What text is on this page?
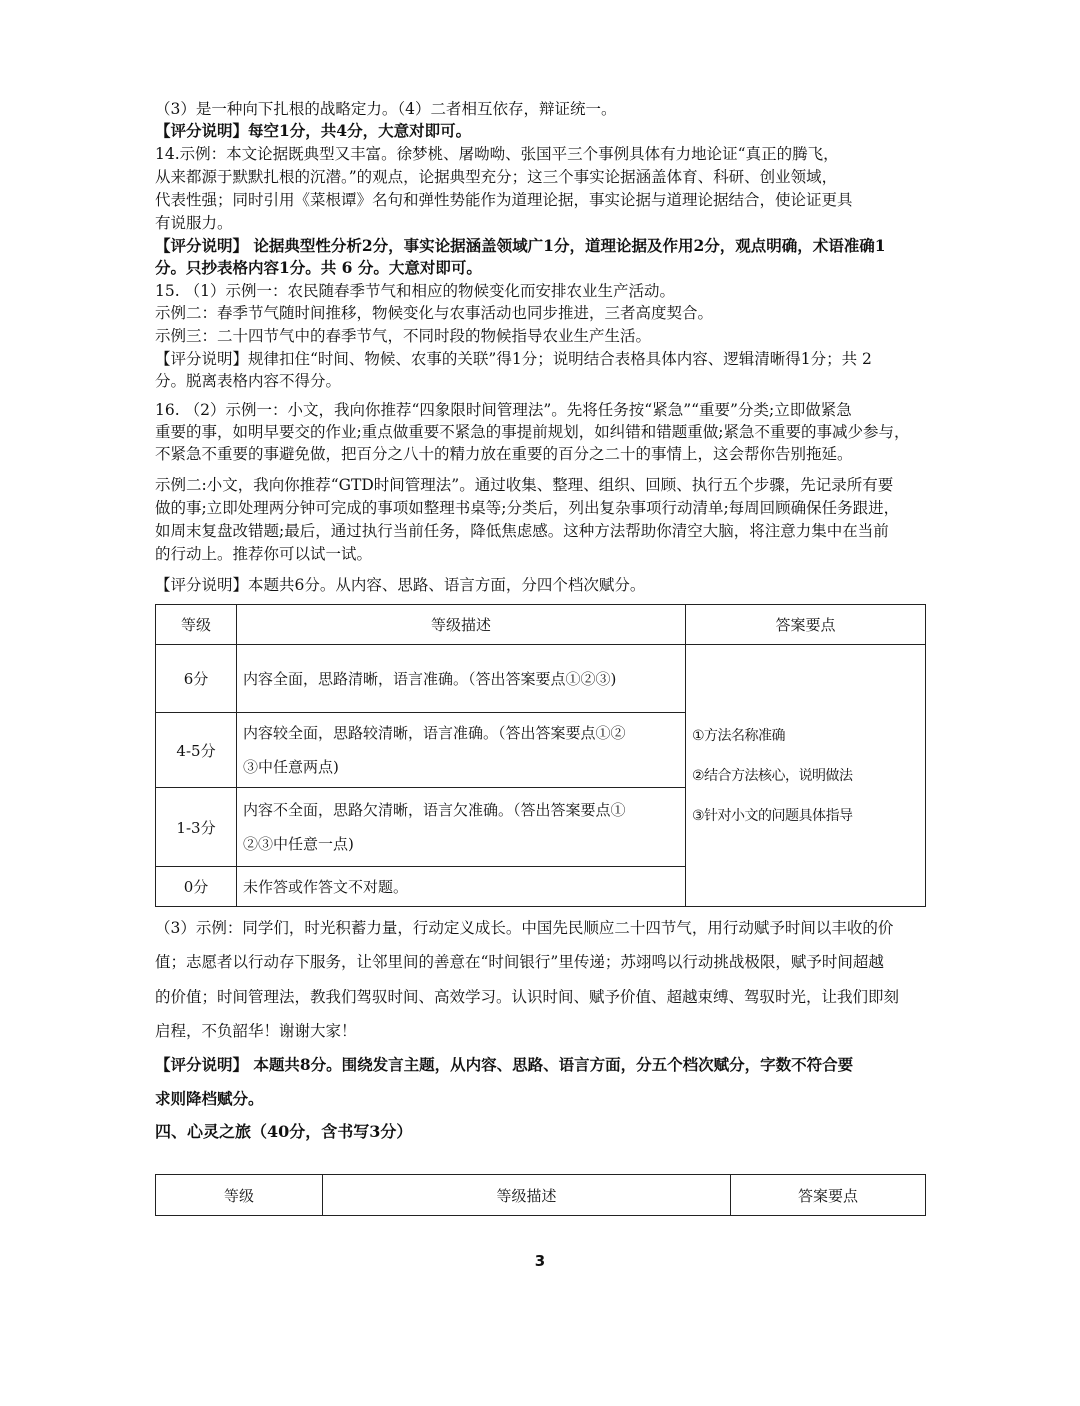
（3）是一种向下扎根的战略定力。（4）二者相互依存，辩证统一。
【评分说明】每空1分，共4分，大意对即可。
14.示例：本文论据既典型又丰富。徐梦桃、屠呦呦、张国平三个事例具体有力地论证“真正的腾飞，
从来都源于默默扎根的沉潜。”的观点，论据典型充分；这三个事实论据涵盖体育、科研、创业领域，
代表性强；同时引用《菜根谭》名句和弹性势能作为道理论据，事实论据与道理论据结合，使论证更具
有说服力。
【评分说明】 论据典型性分析2分，事实论据涵盖领域广1分，道理论据及作用2分，观点明确，术语准确1
分。只抄表格内容1分。共 6 分。大意对即可。
15. （1）示例一：农民随春季节气和相应的物候变化而安排农业生产活动。
示例二：春季节气随时间推移，物候变化与农事活动也同步推进，三者高度契合。
示例三：二十四节气中的春季节气，不同时段的物候指导农业生产生活。
【评分说明】规律扣住“时间、物候、农事的关联”得1分；说明结合表格具体内容、逻辑清晰得1分；共 2
分。脱离表格内容不得分。
16. （2）示例一：小文，我向你推荐“四象限时间管理法”。先将任务按“紧急”“重要”分类;立即做紧急
重要的事，如明早要交的作业;重点做重要不紧急的事提前规划，如纠错和错题重做;紧急不重要的事减少参与，
不紧急不重要的事避免做，把百分之八十的精力放在重要的百分之二十的事情上，这会帮你告别拖延。
示例二:小文，我向你推荐“GTD时间管理法”。通过收集、整理、组织、回顾、执行五个步骤，先记录所有要
做的事;立即处理两分钟可完成的事项如整理书桌等;分类后，列出复杂事项行动清单;每周回顾确保任务跟进，
如周末复盘改错题;最后，通过执行当前任务，降低焦虑感。这种方法帮助你清空大脑，将注意力集中在当前
的行动上。推荐你可以试一试。
【评分说明】本题共6分。从内容、思路、语言方面，分四个档次赋分。
等级	等级描述	答案要点
6分	内容全面，思路清晰，语言准确。（答出答案要点①②③)	①方法名称准确
②结合方法核心，说明做法
③针对小文的问题具体指导

4-5分	内容较全面，思路较清晰，语言准确。（答出答案要点①②
③中任意两点)	

1-3分	内容不全面，思路欠清晰，语言欠准确。（答出答案要点①
②③中任意一点)	

0分	未作答或作答文不对题。	
（3）示例：同学们，时光积蓄力量，行动定义成长。中国先民顺应二十四节气，用行动赋予时间以丰收的价
值；志愿者以行动存下服务，让邻里间的善意在“时间银行”里传递；苏翊鸣以行动挑战极限，赋予时间超越
的价值；时间管理法，教我们驾驭时间、高效学习。认识时间、赋予价值、超越束缚、驾驭时光，让我们即刻
启程，不负韶华！谢谢大家！
【评分说明】 本题共8分。围绕发言主题，从内容、思路、语言方面，分五个档次赋分，字数不符合要
求则降档赋分。
四、心灵之旅（40分，含书写3分）
等级	等级描述	答案要点
3
